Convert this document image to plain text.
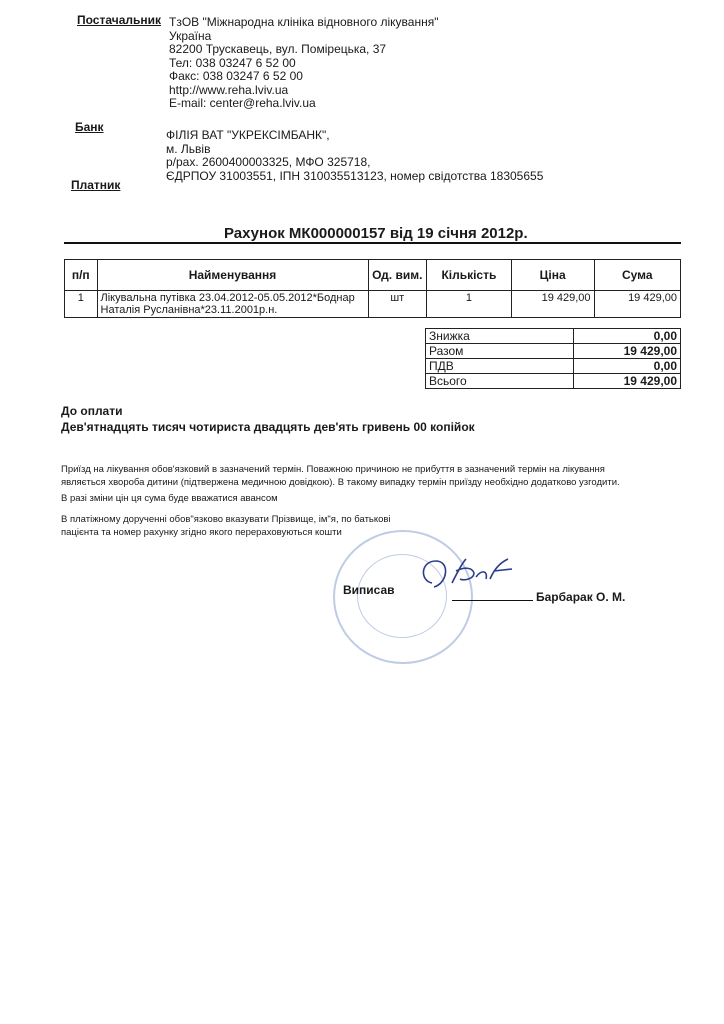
Постачальник ТзОВ "Міжнародна клініка відновного лікування"
Україна
82200 Трускавець, вул. Помірецька, 37
Тел: 038 03247 6 52 00
Факс: 038 03247 6 52 00
http://www.reha.lviv.ua
E-mail: center@reha.lviv.ua
Банк
ФІЛІЯ ВАТ "УКРЕКСІМБАНК",
м. Львів
р/рах. 2600400003325, МФО 325718,
ЄДРПОУ 31003551, ІПН 310035513123, номер свідотства 18305655
Платник
Рахунок МК000000157 від 19 січня 2012р.
п/п	Найменування	Од. вим.	Кількість	Ціна	Сума
1	Лікувальна путівка 23.04.2012-05.05.2012*Боднар
Наталія Русланівна*23.11.2001р.н.	шт	1	19 429,00	19 429,00
Знижка	0,00
Разом	19 429,00
ПДВ	0,00
Всього	19 429,00
До оплати
Дев'ятнадцять тисяч чотириста двадцять дев'ять гривень 00 копійок
Приїзд на лікування обов'язковий в зазначений термін. Поважною причиною не прибуття в зазначений термін на лікування
являється хвороба дитини (підтвержена медичною довідкою). В такому випадку термін приїзду необхідно додатково узгодити.
В разі зміни цін ця сума буде вважатися авансом
В платіжному дорученні обов"язково вказувати Прізвище, ім"я, по батькові
пацієнта та номер рахунку згідно якого перераховуються кошти
Виписав	Барбарак О. М.
